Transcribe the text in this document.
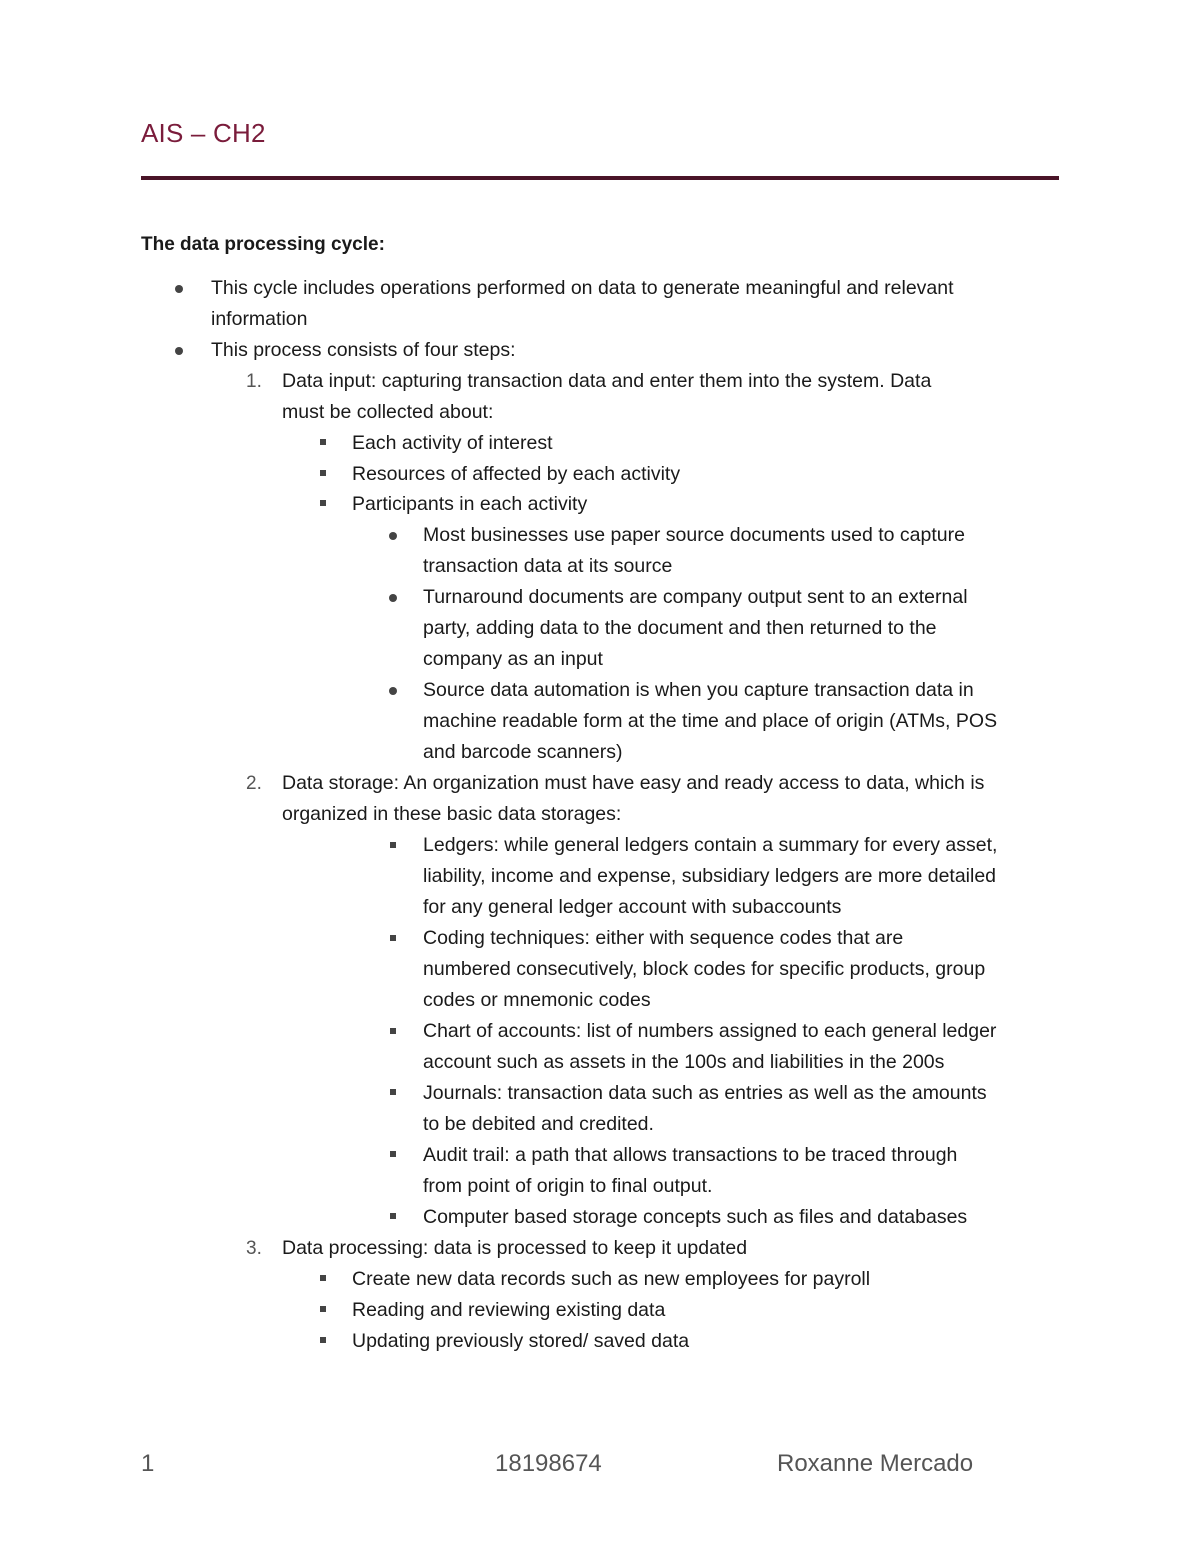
AIS – CH2
The data processing cycle:
This cycle includes operations performed on data to generate meaningful and relevant
information
This process consists of four steps:
1. Data input: capturing transaction data and enter them into the system. Data
must be collected about:
Each activity of interest
Resources of affected by each activity
Participants in each activity
Most businesses use paper source documents used to capture
transaction data at its source
Turnaround documents are company output sent to an external
party, adding data to the document and then returned to the
company as an input
Source data automation is when you capture transaction data in
machine readable form at the time and place of origin (ATMs, POS
and barcode scanners)
2. Data storage: An organization must have easy and ready access to data, which is
organized in these basic data storages:
Ledgers: while general ledgers contain a summary for every asset,
liability, income and expense, subsidiary ledgers are more detailed
for any general ledger account with subaccounts
Coding techniques: either with sequence codes that are
numbered consecutively, block codes for specific products, group
codes or mnemonic codes
Chart of accounts: list of numbers assigned to each general ledger
account such as assets in the 100s and liabilities in the 200s
Journals: transaction data such as entries as well as the amounts
to be debited and credited.
Audit trail: a path that allows transactions to be traced through
from point of origin to final output.
Computer based storage concepts such as files and databases
3. Data processing: data is processed to keep it updated
Create new data records such as new employees for payroll
Reading and reviewing existing data
Updating previously stored/ saved data
1	18198674	Roxanne Mercado
